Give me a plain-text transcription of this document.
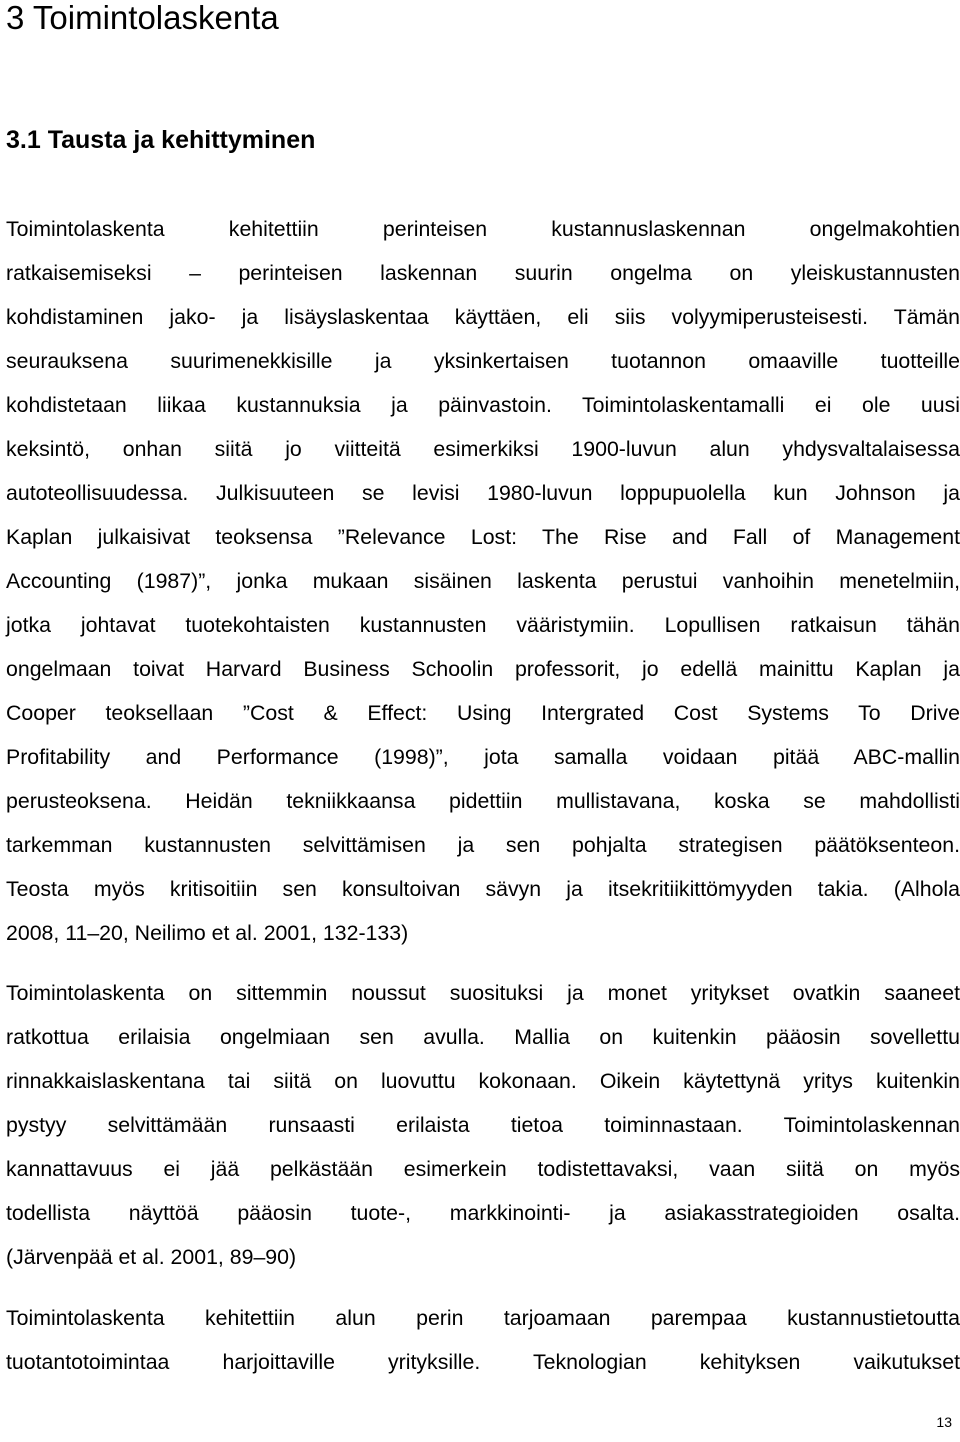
3 Toimintolaskenta
3.1 Tausta ja kehittyminen
Toimintolaskenta kehitettiin perinteisen kustannuslaskennan ongelmakohtien
ratkaisemiseksi – perinteisen laskennan suurin ongelma on yleiskustannusten
kohdistaminen jako- ja lisäyslaskentaa käyttäen, eli siis volyymiperusteisesti. Tämän
seurauksena suurimenekkisille ja yksinkertaisen tuotannon omaaville tuotteille
kohdistetaan liikaa kustannuksia ja päinvastoin. Toimintolaskentamalli ei ole uusi
keksintö, onhan siitä jo viitteitä esimerkiksi 1900-luvun alun yhdysvaltalaisessa
autoteollisuudessa. Julkisuuteen se levisi 1980-luvun loppupuolella kun Johnson ja
Kaplan julkaisivat teoksensa ”Relevance Lost: The Rise and Fall of Management
Accounting (1987)”, jonka mukaan sisäinen laskenta perustui vanhoihin menetelmiin,
jotka johtavat tuotekohtaisten kustannusten vääristymiin. Lopullisen ratkaisun tähän
ongelmaan toivat Harvard Business Schoolin professorit, jo edellä mainittu Kaplan ja
Cooper teoksellaan ”Cost & Effect: Using Intergrated Cost Systems To Drive
Profitability and Performance (1998)”, jota samalla voidaan pitää ABC-mallin
perusteoksena. Heidän tekniikkaansa pidettiin mullistavana, koska se mahdollisti
tarkemman kustannusten selvittämisen ja sen pohjalta strategisen päätöksenteon.
Teosta myös kritisoitiin sen konsultoivan sävyn ja itsekritiikittömyyden takia. (Alhola
2008, 11–20, Neilimo et al. 2001, 132-133)
Toimintolaskenta on sittemmin noussut suosituksi ja monet yritykset ovatkin saaneet
ratkottua erilaisia ongelmiaan sen avulla. Mallia on kuitenkin pääosin sovellettu
rinnakkaislaskentana tai siitä on luovuttu kokonaan. Oikein käytettynä yritys kuitenkin
pystyy selvittämään runsaasti erilaista tietoa toiminnastaan. Toimintolaskennan
kannattavuus ei jää pelkästään esimerkein todistettavaksi, vaan siitä on myös
todellista näyttöä pääosin tuote-, markkinointi- ja asiakasstrategioiden osalta.
(Järvenpää et al. 2001, 89–90)
Toimintolaskenta kehitettiin alun perin tarjoamaan parempaa kustannustietoutta
tuotantotoimintaa harjoittaville yrityksille. Teknologian kehityksen vaikutukset
13
